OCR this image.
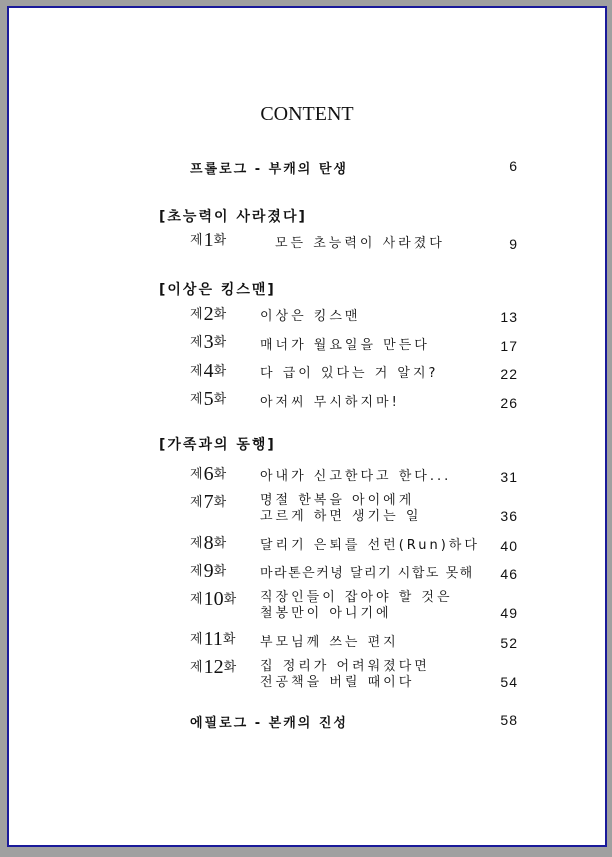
CONTENT
프롤로그 - 부캐의 탄생	6
[초능력이 사라졌다]
제1화	모든 초능력이 사라졌다	9
[이상은 킹스맨]
제2화	이상은 킹스맨	13
제3화	매너가 월요일을 만든다	17
제4화	다 급이 있다는 거 알지?	22
제5화	아저씨 무시하지마!	26
[가족과의 동행]
제6화	아내가 신고한다고 한다...	31
제7화	명절 한복을 아이에게
고르게 하면 생기는 일	36
제8화	달리기 은퇴를 선런(Run)하다 40
제9화	마라톤은커녕 달리기 시합도 못해 46
제10화 직장인들이 잡아야 할 것은
철봉만이 아니기에	49
제11화 부모님께 쓰는 편지	52
제12화 집 정리가 어려워졌다면
전공책을 버릴 때이다	54
에필로그 - 본캐의 진성	58
